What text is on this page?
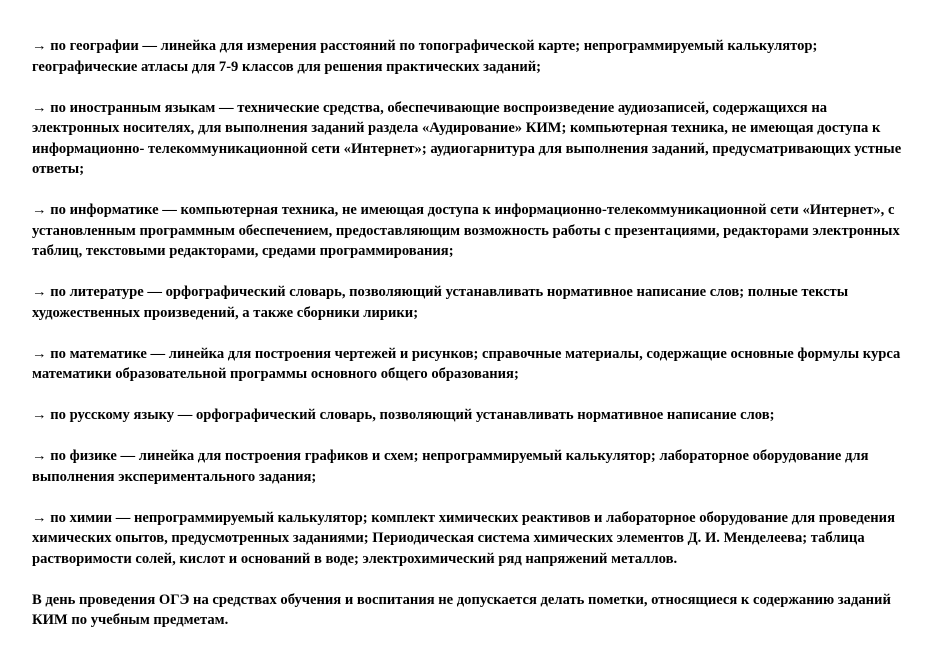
→ по географии — линейка для измерения расстояний по топографической карте; непрограммируемый калькулятор; географические атласы для 7-9 классов для решения практических заданий;

→ по иностранным языкам — технические средства, обеспечивающие воспроизведение аудиозаписей, содержащихся на электронных носителях, для выполнения заданий раздела «Аудирование» КИМ; компьютерная техника, не имеющая доступа к информационно- телекоммуникационной сети «Интернет»; аудиогарнитура для выполнения заданий, предусматривающих устные ответы;

→ по информатике — компьютерная техника, не имеющая доступа к информационно-телекоммуникационной сети «Интернет», с установленным программным обеспечением, предоставляющим возможность работы с презентациями, редакторами электронных таблиц, текстовыми редакторами, средами программирования;

→ по литературе — орфографический словарь, позволяющий устанавливать нормативное написание слов; полные тексты художественных произведений, а также сборники лирики;

→ по математике — линейка для построения чертежей и рисунков; справочные материалы, содержащие основные формулы курса математики образовательной программы основного общего образования;

→ по русскому языку — орфографический словарь, позволяющий устанавливать нормативное написание слов;

→ по физике — линейка для построения графиков и схем; непрограммируемый калькулятор; лабораторное оборудование для выполнения экспериментального задания;

→ по химии — непрограммируемый калькулятор; комплект химических реактивов и лабораторное оборудование для проведения химических опытов, предусмотренных заданиями; Периодическая система химических элементов Д. И. Менделеева; таблица растворимости солей, кислот и оснований в воде; электрохимический ряд напряжений металлов.

В день проведения ОГЭ на средствах обучения и воспитания не допускается делать пометки, относящиеся к содержанию заданий КИМ по учебным предметам.
